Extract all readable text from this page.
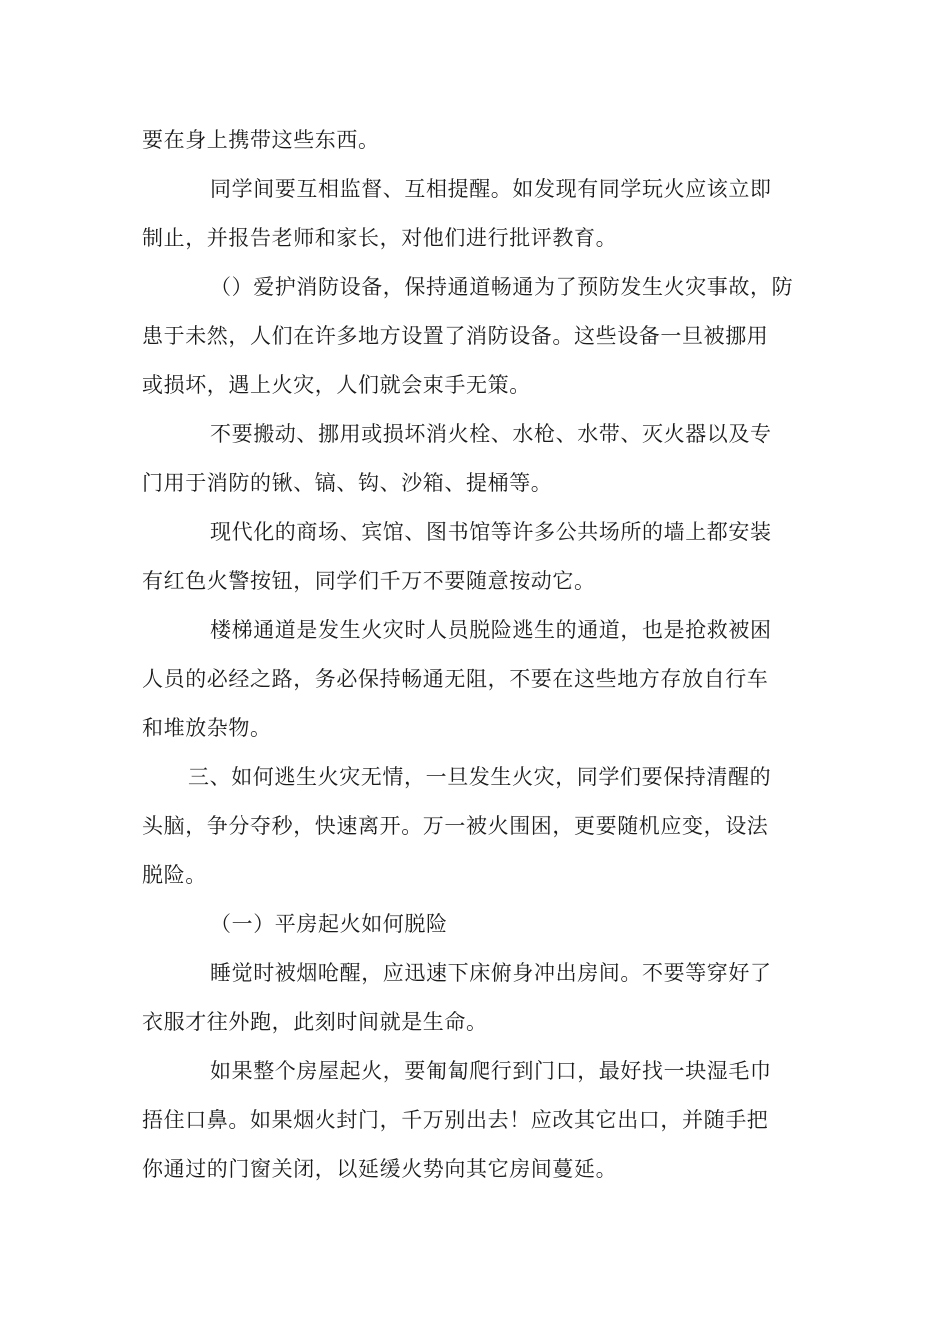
要在身上携带这些东西。

同学间要互相监督、互相提醒。如发现有同学玩火应该立即
制止，并报告老师和家长，对他们进行批评教育。

（）爱护消防设备，保持通道畅通为了预防发生火灾事故，防
患于未然，人们在许多地方设置了消防设备。这些设备一旦被挪用
或损坏，遇上火灾，人们就会束手无策。

不要搬动、挪用或损坏消火栓、水枪、水带、灭火器以及专
门用于消防的锹、镐、钩、沙箱、提桶等。

现代化的商场、宾馆、图书馆等许多公共场所的墙上都安装
有红色火警按钮，同学们千万不要随意按动它。

楼梯通道是发生火灾时人员脱险逃生的通道，也是抢救被困
人员的必经之路，务必保持畅通无阻，不要在这些地方存放自行车
和堆放杂物。

三、如何逃生火灾无情，一旦发生火灾，同学们要保持清醒的
头脑，争分夺秒，快速离开。万一被火围困，更要随机应变，设法
脱险。

（一）平房起火如何脱险

睡觉时被烟呛醒，应迅速下床俯身冲出房间。不要等穿好了
衣服才往外跑，此刻时间就是生命。

如果整个房屋起火，要匍匐爬行到门口，最好找一块湿毛巾
捂住口鼻。如果烟火封门，千万别出去！应改其它出口，并随手把
你通过的门窗关闭，以延缓火势向其它房间蔓延。
